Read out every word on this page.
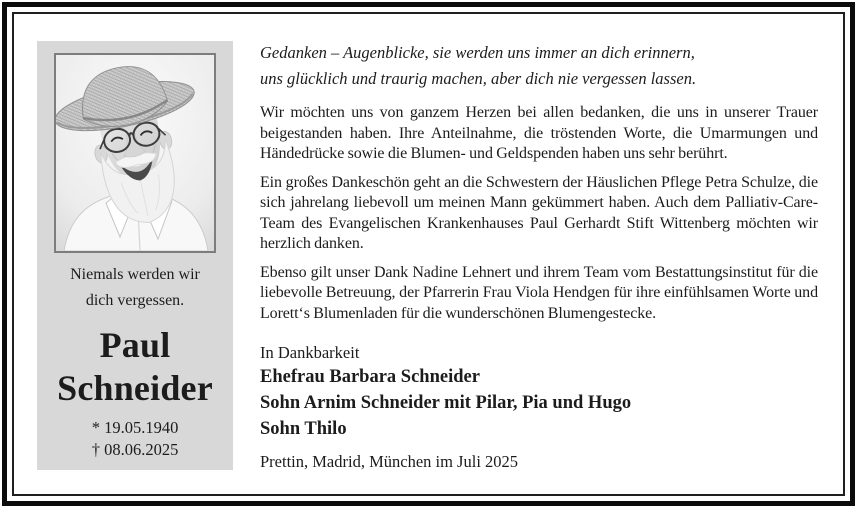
Niemals werden wir
dich vergessen.
Paul
Schneider
* 19.05.1940
† 08.06.2025
Gedanken – Augenblicke, sie werden uns immer an dich erinnern,
uns glücklich und traurig machen, aber dich nie vergessen lassen.

Wir möchten uns von ganzem Herzen bei allen bedanken, die uns in unserer Trauer beigestanden haben. Ihre Anteilnahme, die tröstenden Worte, die Umarmungen und Händedrücke sowie die Blumen- und Geldspenden haben uns sehr berührt.

Ein großes Dankeschön geht an die Schwestern der Häuslichen Pflege Petra Schulze, die sich jahrelang liebevoll um meinen Mann gekümmert haben. Auch dem Palliativ-Care-Team des Evangelischen Krankenhauses Paul Gerhardt Stift Wittenberg möchten wir herzlich danken.

Ebenso gilt unser Dank Nadine Lehnert und ihrem Team vom Bestattungsinstitut für die liebevolle Betreuung, der Pfarrerin Frau Viola Hendgen für ihre einfühlsamen Worte und Lorett‘s Blumenladen für die wunderschönen Blumengestecke.

In Dankbarkeit
Ehefrau Barbara Schneider
Sohn Arnim Schneider mit Pilar, Pia und Hugo
Sohn Thilo
Prettin, Madrid, München im Juli 2025
